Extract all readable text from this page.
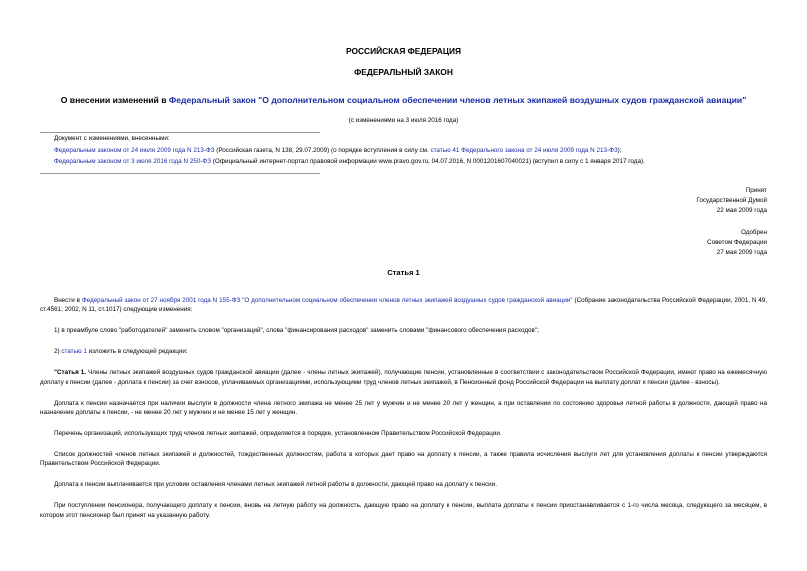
РОССИЙСКАЯ ФЕДЕРАЦИЯ
ФЕДЕРАЛЬНЫЙ ЗАКОН
О внесении изменений в Федеральный закон "О дополнительном социальном обеспечении членов летных экипажей воздушных судов гражданской авиации"
(с изменениями на 3 июля 2016 года)
Документ с изменениями, внесенными:
Федеральным законом от 24 июля 2009 года N 213-ФЗ (Российская газета, N 138, 29.07.2009) (о порядке вступления в силу см. статью 41 Федерального закона от 24 июля 2009 года N 213-ФЗ);
Федеральным законом от 3 июля 2016 года N 250-ФЗ (Официальный интернет-портал правовой информации www.pravo.gov.ru, 04.07.2016, N 0001201607040021) (вступил в силу с 1 января 2017 года).
Принят
Государственной Думой
22 мая 2009 года
Одобрен
Советом Федерации
27 мая 2009 года
Статья 1

Внести в Федеральный закон от 27 ноября 2001 года N 155-ФЗ "О дополнительном социальном обеспечении членов летных экипажей воздушных судов гражданской авиации" (Собрание законодательства Российской Федерации, 2001, N 49, ст.4561; 2002, N 11, ст.1017) следующие изменения:

1) в преамбуле слово "работодателей" заменить словом "организаций", слова "финансирования расходов" заменить словами "финансового обеспечения расходов";

2) статью 1 изложить в следующей редакции:

"Статья 1. Члены летных экипажей воздушных судов гражданской авиации (далее - члены летных экипажей), получающие пенсии, установленные в соответствии с законодательством Российской Федерации, имеют право на ежемесячную доплату к пенсии (далее - доплата к пенсии) за счет взносов, уплачиваемых организациями, использующими труд членов летных экипажей, в Пенсионный фонд Российской Федерации на выплату доплат к пенсии (далее - взносы).

Доплата к пенсии назначается при наличии выслуги в должности члена летного экипажа не менее 25 лет у мужчин и не менее 20 лет у женщин, а при оставлении по состоянию здоровья летной работы в должности, дающей право на назначение доплаты к пенсии, - не менее 20 лет у мужчин и не менее 15 лет у женщин.

Перечень организаций, использующих труд членов летных экипажей, определяется в порядке, установленном Правительством Российской Федерации.

Список должностей членов летных экипажей и должностей, тождественных должностям, работа в которых дает право на доплату к пенсии, а также правила исчисления выслуги лет для установления доплаты к пенсии утверждаются Правительством Российской Федерации.

Доплата к пенсии выплачивается при условии оставления членами летных экипажей летной работы в должности, дающей право на доплату к пенсии.

При поступлении пенсионера, получающего доплату к пенсии, вновь на летную работу на должность, дающую право на доплату к пенсии, выплата доплаты к пенсии приостанавливается с 1-го числа месяца, следующего за месяцем, в котором этот пенсионер был принят на указанную работу.
